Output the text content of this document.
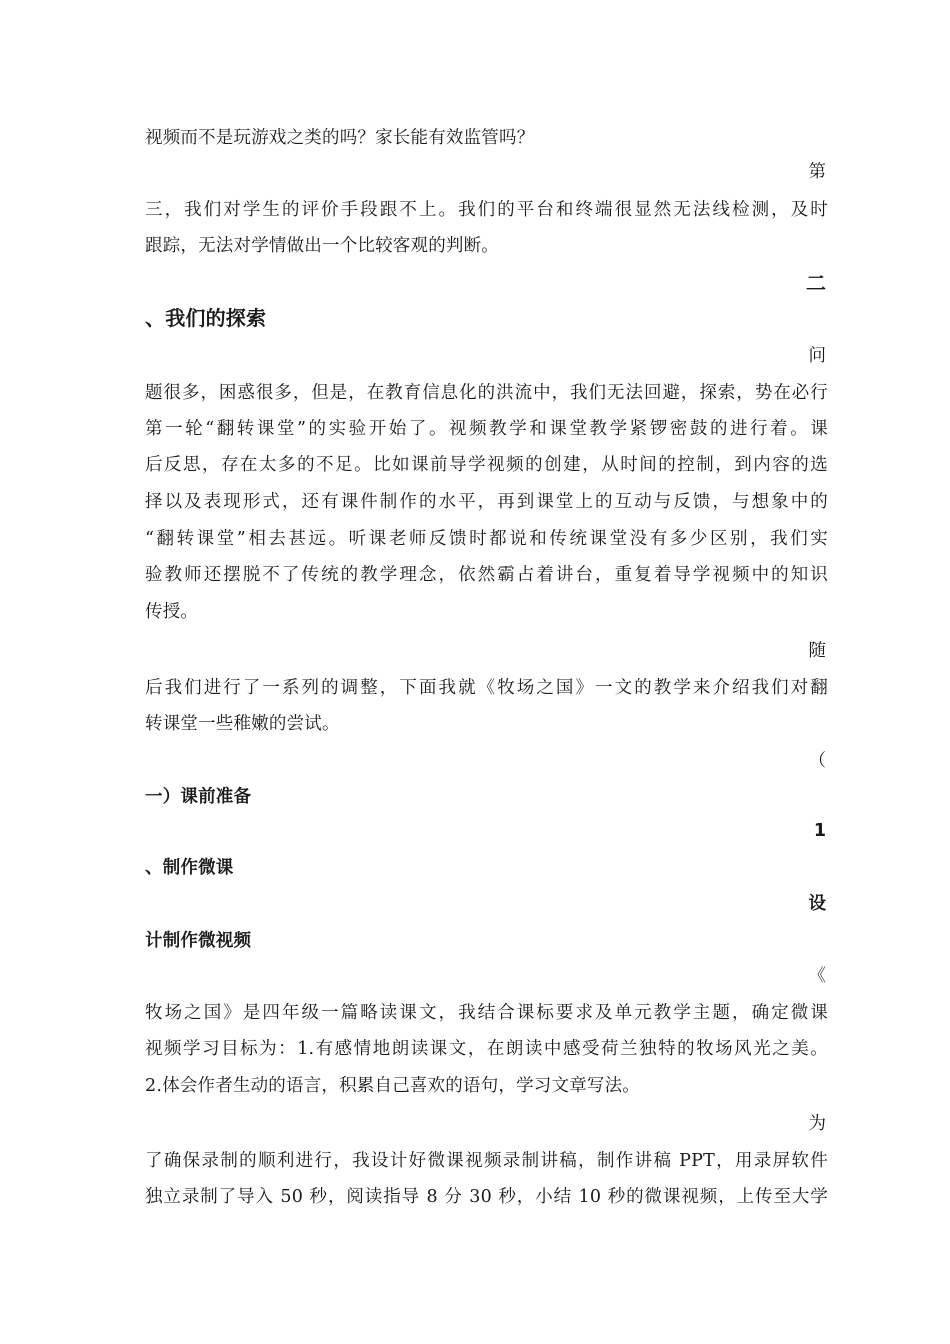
视频而不是玩游戏之类的吗？家长能有效监管吗？
第
三，我们对学生的评价手段跟不上。我们的平台和终端很显然无法线检测，及时
跟踪，无法对学情做出一个比较客观的判断。
二
、我们的探索
问
题很多，困惑很多，但是，在教育信息化的洪流中，我们无法回避，探索，势在必行
第一轮“翻转课堂”的实验开始了。视频教学和课堂教学紧锣密鼓的进行着。课
后反思，存在太多的不足。比如课前导学视频的创建，从时间的控制，到内容的选
择以及表现形式，还有课件制作的水平，再到课堂上的互动与反馈，与想象中的
“翻转课堂”相去甚远。听课老师反馈时都说和传统课堂没有多少区别，我们实
验教师还摆脱不了传统的教学理念，依然霸占着讲台，重复着导学视频中的知识
传授。
随
后我们进行了一系列的调整，下面我就《牧场之国》一文的教学来介绍我们对翻
转课堂一些稚嫩的尝试。
（
一）课前准备
1
、制作微课
设
计制作微视频
《
牧场之国》是四年级一篇略读课文，我结合课标要求及单元教学主题，确定微课
视频学习目标为：1.有感情地朗读课文，在朗读中感受荷兰独特的牧场风光之美。
2.体会作者生动的语言，积累自己喜欢的语句，学习文章写法。
为
了确保录制的顺利进行，我设计好微课视频录制讲稿，制作讲稿 PPT，用录屏软件
独立录制了导入 50 秒，阅读指导 8 分 30 秒，小结 10 秒的微课视频，上传至大学
